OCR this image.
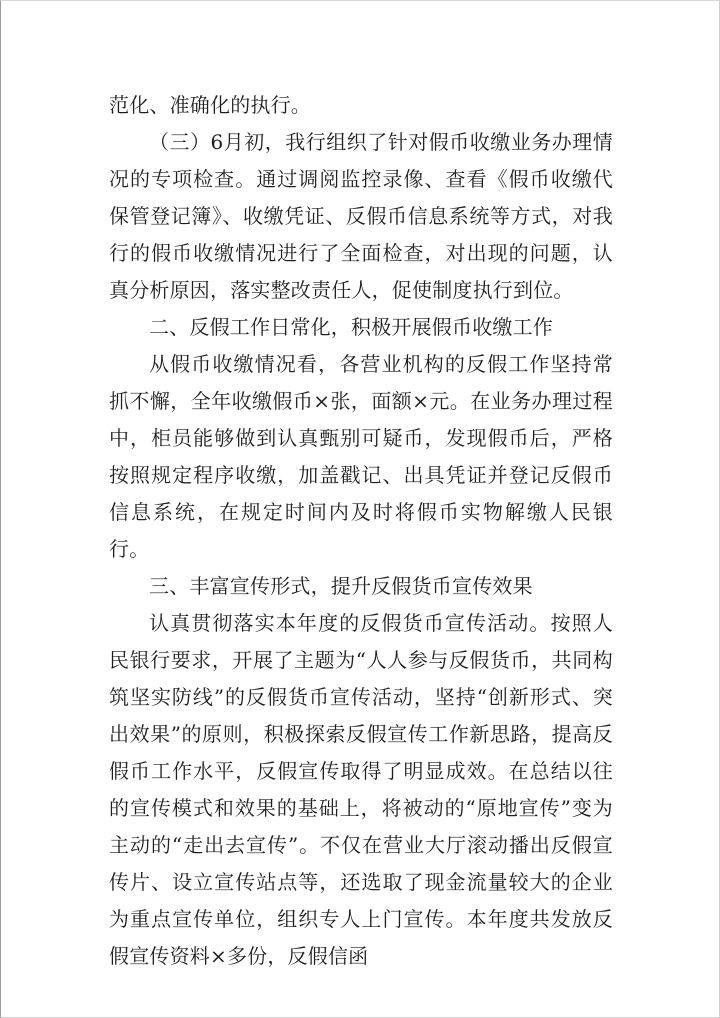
范化、准确化的执行。

（三）6月初，我行组织了针对假币收缴业务办理情况的专项检查。通过调阅监控录像、查看《假币收缴代保管登记簿》、收缴凭证、反假币信息系统等方式，对我行的假币收缴情况进行了全面检查，对出现的问题，认真分析原因，落实整改责任人，促使制度执行到位。

二、反假工作日常化，积极开展假币收缴工作

从假币收缴情况看，各营业机构的反假工作坚持常抓不懈，全年收缴假币×张，面额×元。在业务办理过程中，柜员能够做到认真甄别可疑币，发现假币后，严格按照规定程序收缴，加盖戳记、出具凭证并登记反假币信息系统，在规定时间内及时将假币实物解缴人民银行。

三、丰富宣传形式，提升反假货币宣传效果

认真贯彻落实本年度的反假货币宣传活动。按照人民银行要求，开展了主题为“人人参与反假货币，共同构筑坚实防线”的反假货币宣传活动，坚持“创新形式、突出效果”的原则，积极探索反假宣传工作新思路，提高反假币工作水平，反假宣传取得了明显成效。在总结以往的宣传模式和效果的基础上，将被动的“原地宣传”变为主动的“走出去宣传”。不仅在营业大厅滚动播出反假宣传片、设立宣传站点等，还选取了现金流量较大的企业为重点宣传单位，组织专人上门宣传。本年度共发放反假宣传资料×多份，反假信函
